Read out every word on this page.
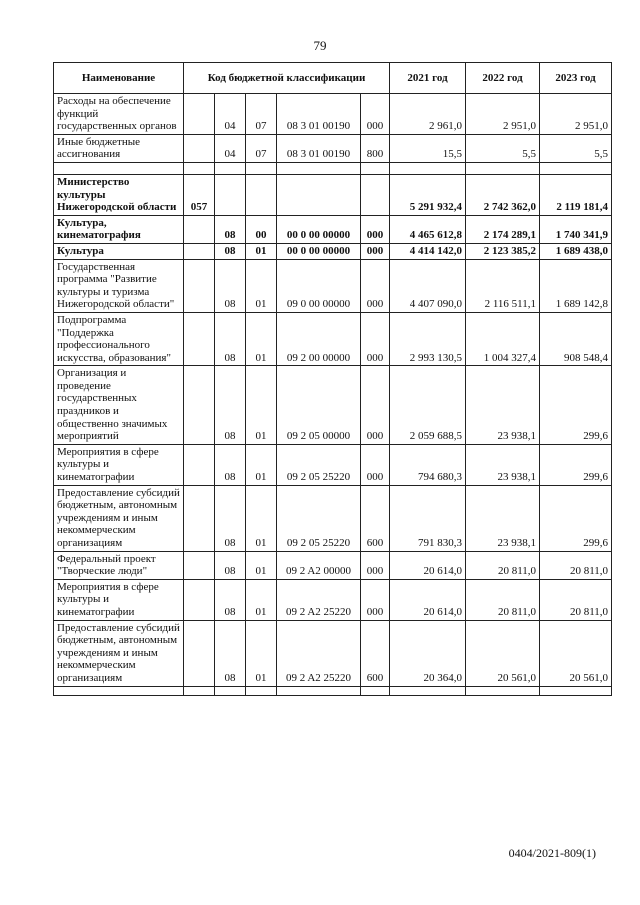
79
Наименование	Код бюджетной классификации					2021 год	2022 год	2023 год
Расходы на обеспечение функций государственных органов		04	07	08 3 01 00190	000	2 961,0	2 951,0	2 951,0
Иные бюджетные ассигнования		04	07	08 3 01 00190	800	15,5	5,5	5,5

Министерство культуры Нижегородской области	057					5 291 932,4	2 742 362,0	2 119 181,4
Культура, кинематография		08	00	00 0 00 00000	000	4 465 612,8	2 174 289,1	1 740 341,9
Культура		08	01	00 0 00 00000	000	4 414 142,0	2 123 385,2	1 689 438,0
Государственная программа "Развитие культуры и туризма Нижегородской области"		08	01	09 0 00 00000	000	4 407 090,0	2 116 511,1	1 689 142,8
Подпрограмма "Поддержка профессионального искусства, образования"		08	01	09 2 00 00000	000	2 993 130,5	1 004 327,4	908 548,4
Организация и проведение государственных праздников и общественно значимых мероприятий		08	01	09 2 05 00000	000	2 059 688,5	23 938,1	299,6
Мероприятия в сфере культуры и кинематографии		08	01	09 2 05 25220	000	794 680,3	23 938,1	299,6
Предоставление субсидий бюджетным, автономным учреждениям и иным некоммерческим организациям		08	01	09 2 05 25220	600	791 830,3	23 938,1	299,6
Федеральный проект "Творческие люди"		08	01	09 2 A2 00000	000	20 614,0	20 811,0	20 811,0
Мероприятия в сфере культуры и кинематографии		08	01	09 2 A2 25220	000	20 614,0	20 811,0	20 811,0
Предоставление субсидий бюджетным, автономным учреждениям и иным некоммерческим организациям		08	01	09 2 A2 25220	600	20 364,0	20 561,0	20 561,0

0404/2021-809(1)
